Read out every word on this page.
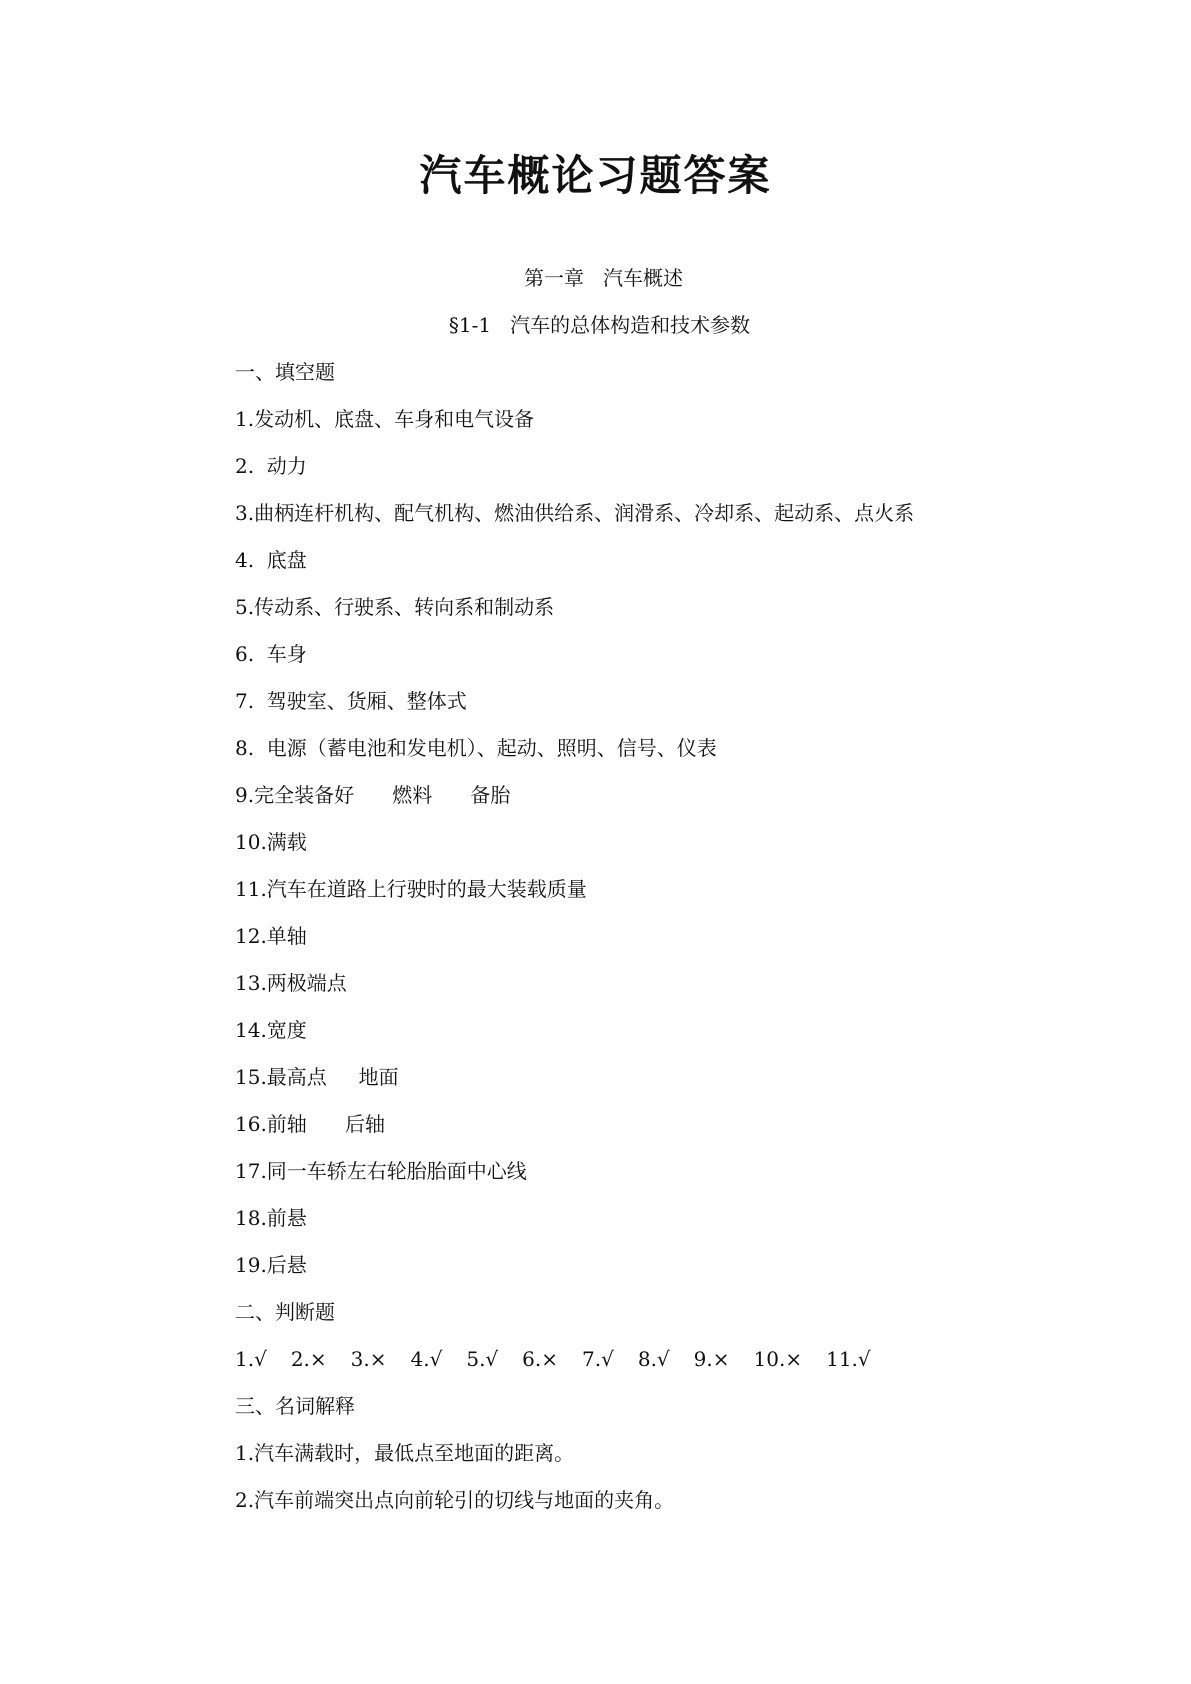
汽车概论习题答案

第一章   汽车概述

§1-1   汽车的总体构造和技术参数

一、填空题

1.发动机、底盘、车身和电气设备

2.  动力

3.曲柄连杆机构、配气机构、燃油供给系、润滑系、冷却系、起动系、点火系

4.  底盘

5.传动系、行驶系、转向系和制动系

6.  车身

7.  驾驶室、货厢、整体式

8.  电源（蓄电池和发电机）、起动、照明、信号、仪表

9.完全装备好      燃料      备胎

10.满载

11.汽车在道路上行驶时的最大装载质量

12.单轴

13.两极端点

14.宽度

15.最高点     地面

16.前轴      后轴

17.同一车轿左右轮胎胎面中心线

18.前悬

19.后悬

二、判断题

1.√ 2.× 3.× 4.√ 5.√ 6.× 7.√ 8.√ 9.× 10.× 11.√

三、名词解释

1.汽车满载时，最低点至地面的距离。

2.汽车前端突出点向前轮引的切线与地面的夹角。
